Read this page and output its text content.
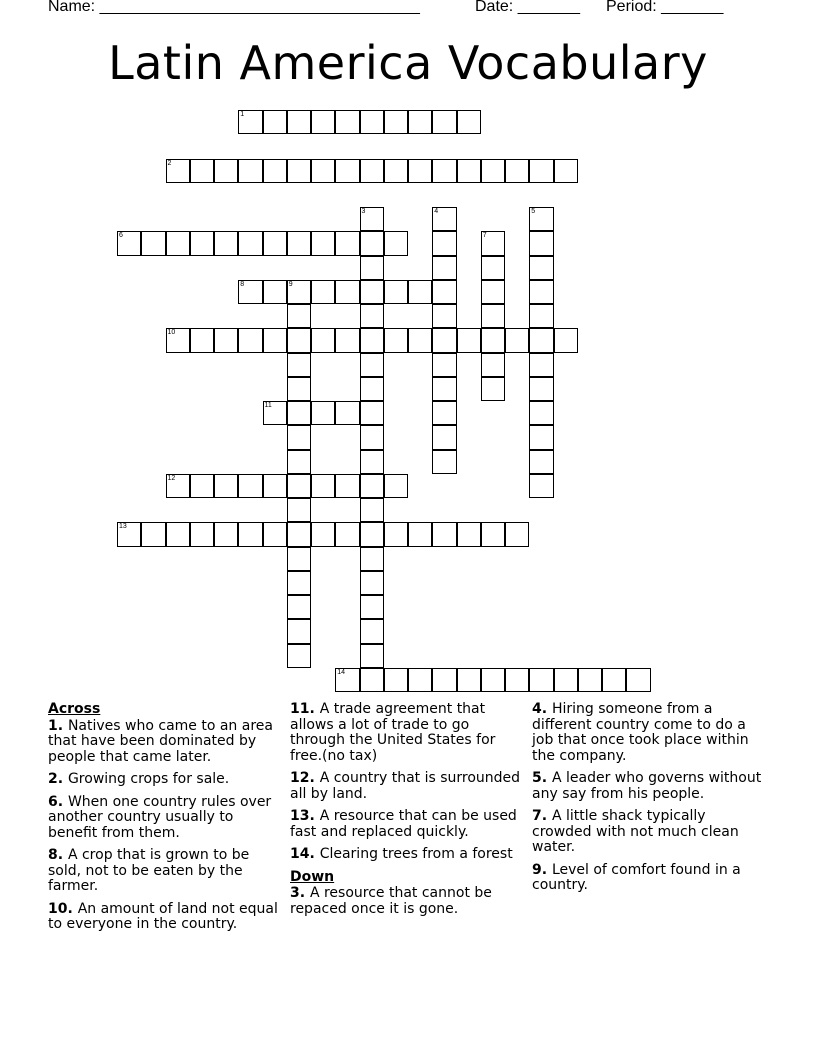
Name: ____________________________________	Date: _______ Period: _______
Latin America Vocabulary
1
2
6
8	9
10
11
12
13
14
3	4	5
7
Across
1. Natives who came to an area that have been dominated by people that came later.
2. Growing crops for sale.
6. When one country rules over another country usually to benefit from them.
8. A crop that is grown to be sold, not to be eaten by the farmer.
10. An amount of land not equal to everyone in the country.
11. A trade agreement that allows a lot of trade to go through the United States for free.(no tax)
12. A country that is surrounded all by land.
13. A resource that can be used fast and replaced quickly.
14. Clearing trees from a forest
Down
3. A resource that cannot be repaced once it is gone.
4. Hiring someone from a different country come to do a job that once took place within the company.
5. A leader who governs without any say from his people.
7. A little shack typically crowded with not much clean water.
9. Level of comfort found in a country.
